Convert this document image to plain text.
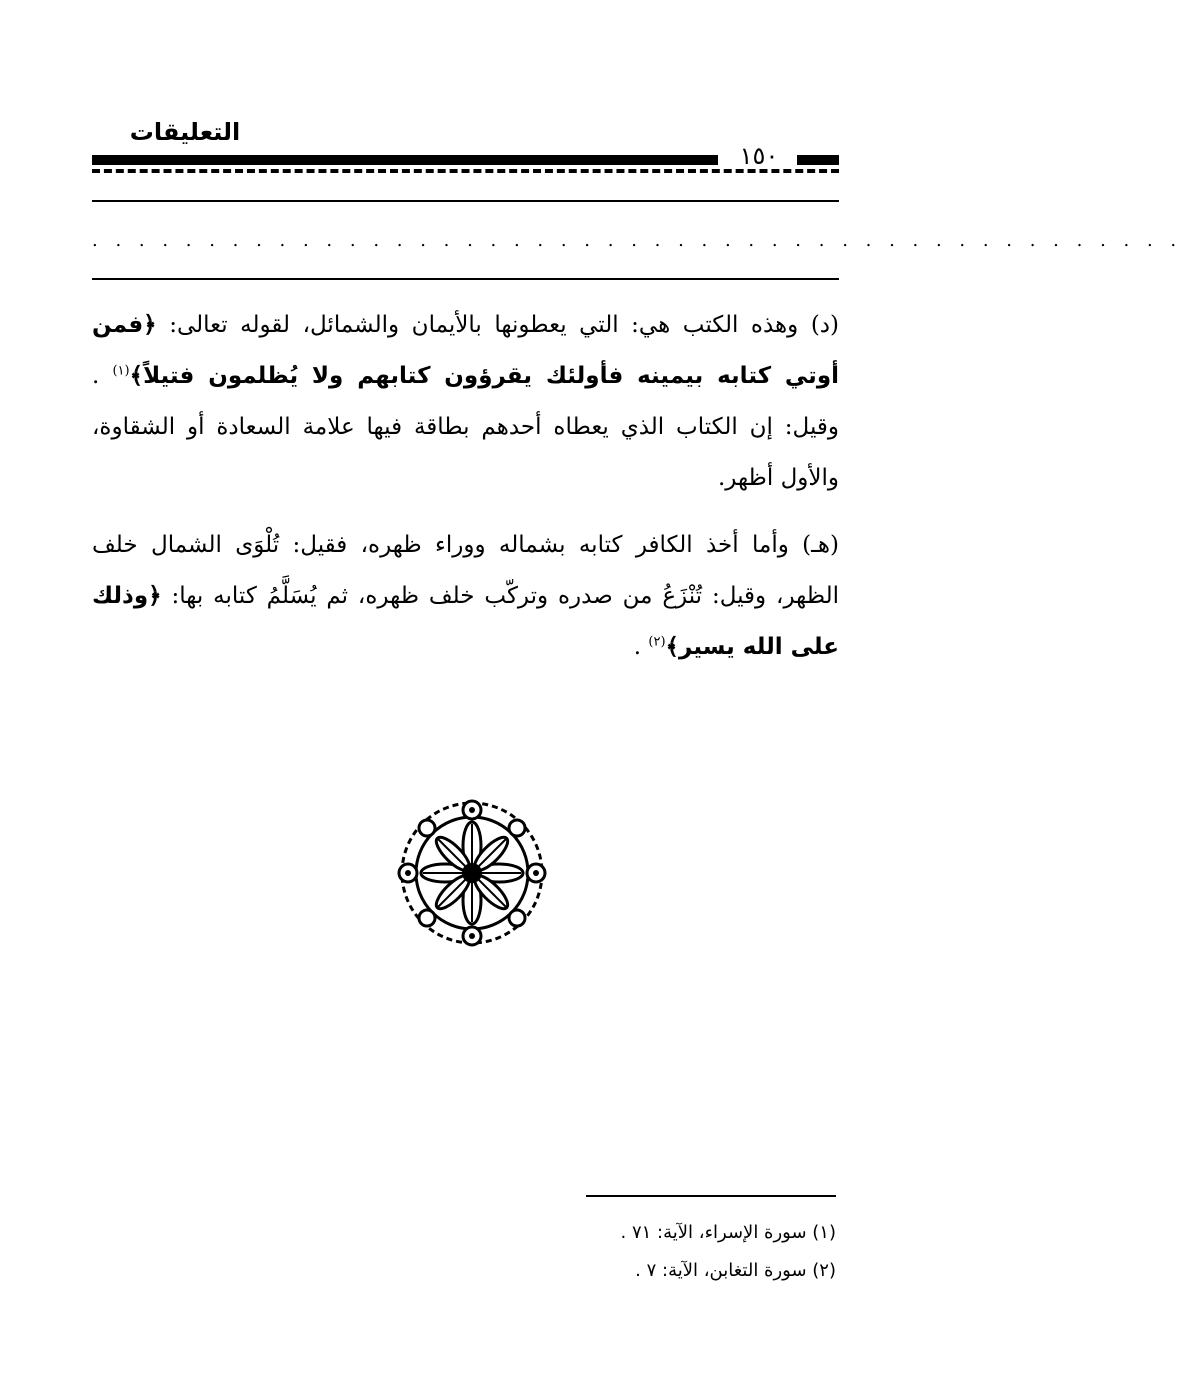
التعليقات
١٥٠
. . . . . . . . . . . . . . . . . . . . . . . . . . . . . . . . . . . . . . . . . . . . . . .

(د) وهذه الكتب هي: التي يعطونها بالأيمان والشمائل، لقوله تعالى: ﴿فمن أوتي كتابه بيمينه فأولئك يقرؤون كتابهم ولا يُظلمون فتيلاً﴾$^{(١)}$ . وقيل: إن الكتاب الذي يعطاه أحدهم بطاقة فيها علامة السعادة أو الشقاوة، والأول أظهر.

(هـ) وأما أخذ الكافر كتابه بشماله ووراء ظهره، فقيل: تُلْوَى الشمال خلف الظهر، وقيل: تُنْزَعُ من صدره وتركّب خلف ظهره، ثم يُسَلَّمُ كتابه بها: ﴿وذلك على الله يسير﴾$^{(٢)}$ .

(١) سورة الإسراء، الآية: ٧١ .
(٢) سورة التغابن، الآية: ٧ .
